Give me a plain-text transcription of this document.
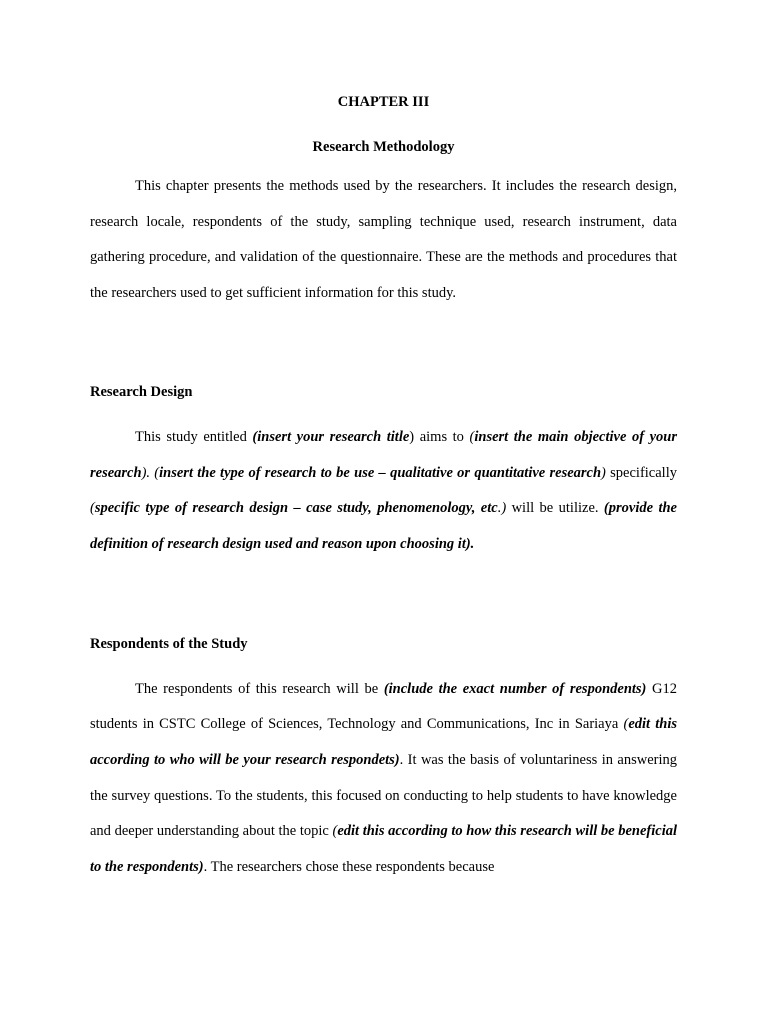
CHAPTER III
Research Methodology

This chapter presents the methods used by the researchers. It includes the research design, research locale, respondents of the study, sampling technique used, research instrument, data gathering procedure, and validation of the questionnaire. These are the methods and procedures that the researchers used to get sufficient information for this study.

Research Design

This study entitled (insert your research title) aims to (insert the main objective of your research). (insert the type of research to be use – qualitative or quantitative research) specifically (specific type of research design – case study, phenomenology, etc.) will be utilize. (provide the definition of research design used and reason upon choosing it).

Respondents of the Study

The respondents of this research will be (include the exact number of respondents) G12 students in CSTC College of Sciences, Technology and Communications, Inc in Sariaya (edit this according to who will be your research respondets). It was the basis of voluntariness in answering the survey questions. To the students, this focused on conducting to help students to have knowledge and deeper understanding about the topic (edit this according to how this research will be beneficial to the respondents). The researchers chose these respondents because
